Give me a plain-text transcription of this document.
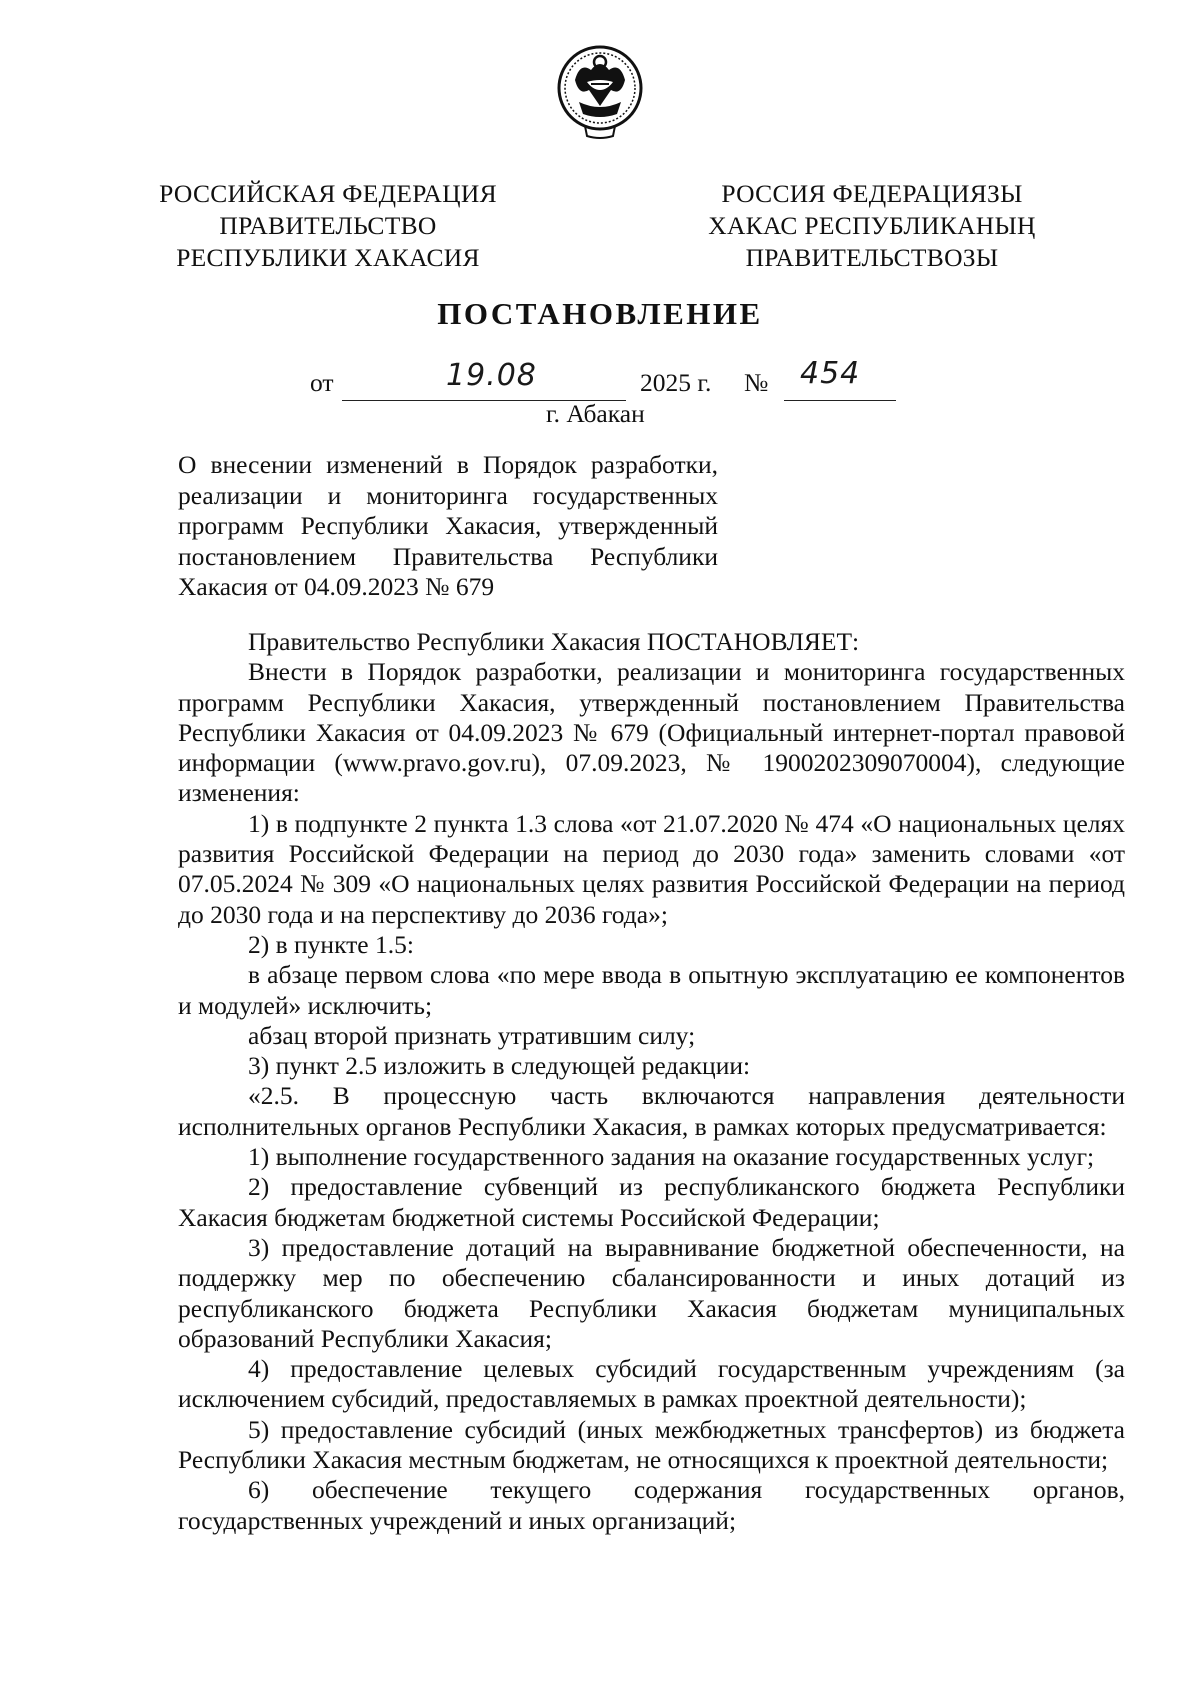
РОССИЙСКАЯ ФЕДЕРАЦИЯ
ПРАВИТЕЛЬСТВО
РЕСПУБЛИКИ ХАКАСИЯ
РОССИЯ ФЕДЕРАЦИЯЗЫ
ХАКАС РЕСПУБЛИКАНЫҢ
ПРАВИТЕЛЬСТВОЗЫ
ПОСТАНОВЛЕНИЕ
от	19.08	2025 г. № 454
г. Абакан

О внесении изменений в Порядок разработки, реализации и мониторинга государственных программ Республики Хакасия, утвержденный постановлением Правительства Республики Хакасия от 04.09.2023 № 679

Правительство Республики Хакасия ПОСТАНОВЛЯЕТ:

Внести в Порядок разработки, реализации и мониторинга государственных программ Республики Хакасия, утвержденный постановлением Правительства Республики Хакасия от 04.09.2023 № 679 (Официальный интернет-портал правовой информации (www.pravo.gov.ru), 07.09.2023, № 1900202309070004), следующие изменения:

1) в подпункте 2 пункта 1.3 слова «от 21.07.2020 № 474 «О национальных целях развития Российской Федерации на период до 2030 года» заменить словами «от 07.05.2024 № 309 «О национальных целях развития Российской Федерации на период до 2030 года и на перспективу до 2036 года»;

2) в пункте 1.5:

в абзаце первом слова «по мере ввода в опытную эксплуатацию ее компонентов и модулей» исключить;

абзац второй признать утратившим силу;

3) пункт 2.5 изложить в следующей редакции:

«2.5. В процессную часть включаются направления деятельности исполнительных органов Республики Хакасия, в рамках которых предусматривается:

1) выполнение государственного задания на оказание государственных услуг;

2) предоставление субвенций из республиканского бюджета Республики Хакасия бюджетам бюджетной системы Российской Федерации;

3) предоставление дотаций на выравнивание бюджетной обеспеченности, на поддержку мер по обеспечению сбалансированности и иных дотаций из республиканского бюджета Республики Хакасия бюджетам муниципальных образований Республики Хакасия;

4) предоставление целевых субсидий государственным учреждениям (за исключением субсидий, предоставляемых в рамках проектной деятельности);

5) предоставление субсидий (иных межбюджетных трансфертов) из бюджета Республики Хакасия местным бюджетам, не относящихся к проектной деятельности;

6) обеспечение текущего содержания государственных органов, государственных учреждений и иных организаций;
